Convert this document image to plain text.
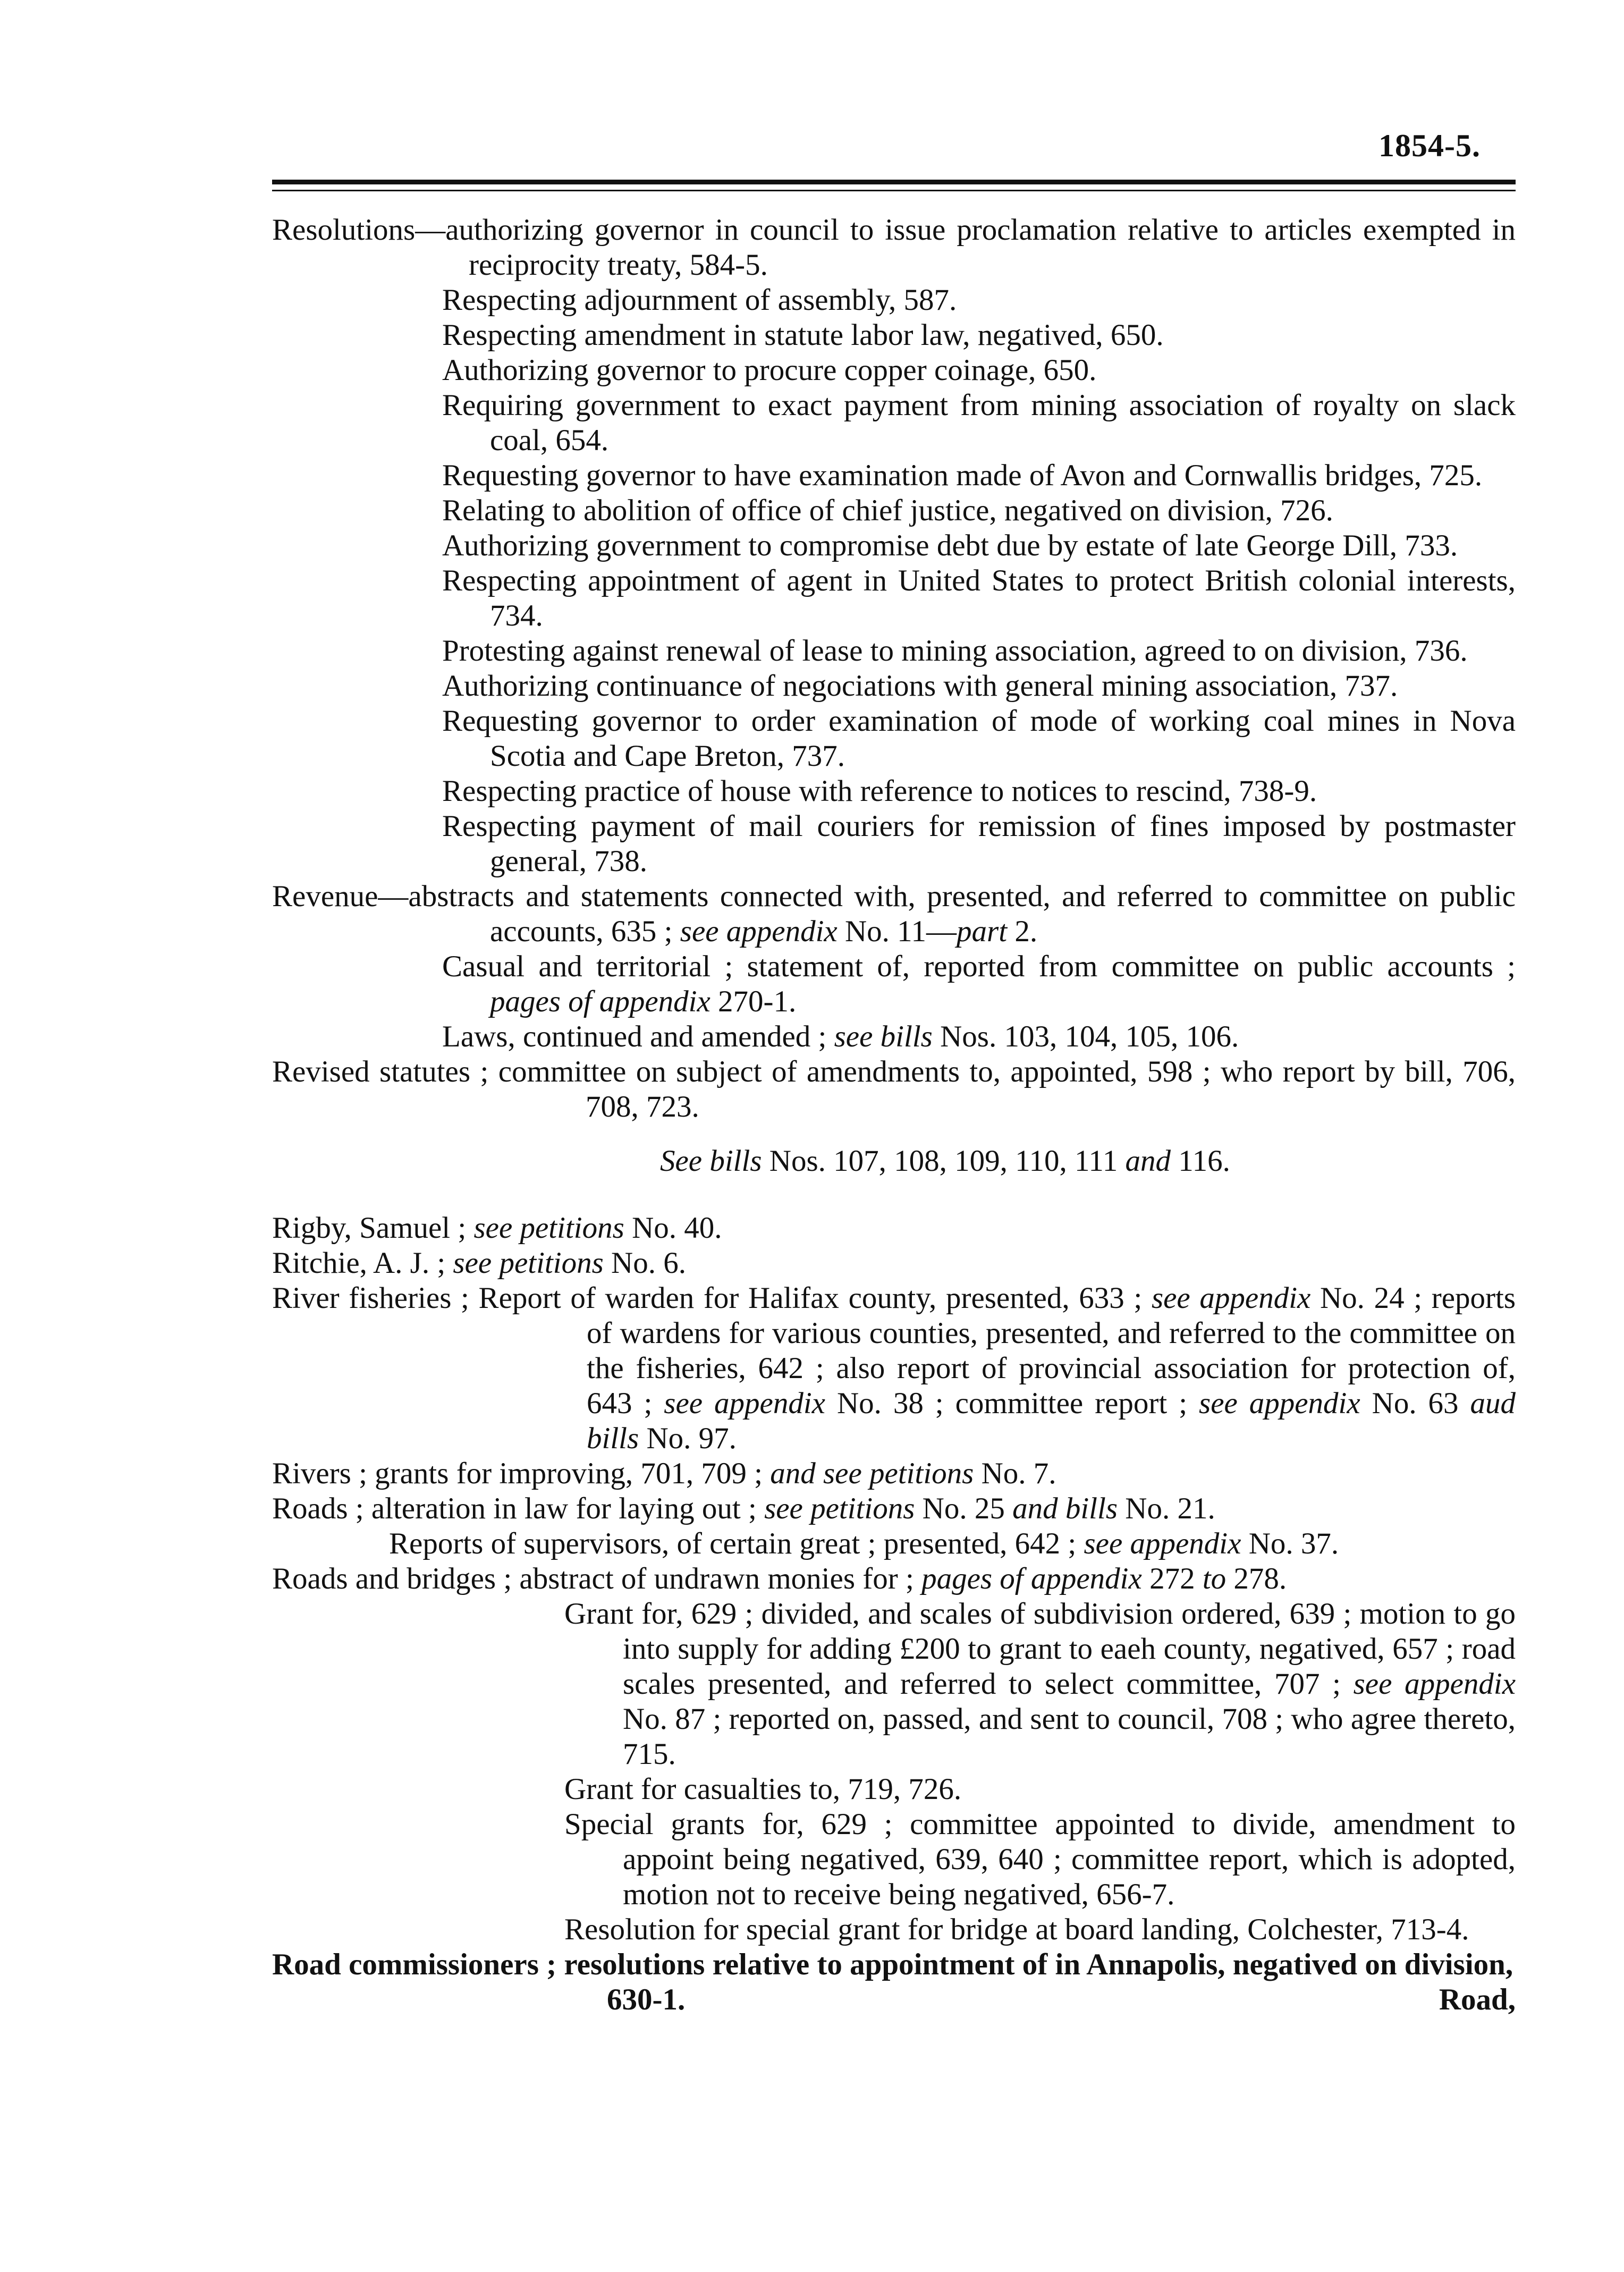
1854-5.
Resolutions—authorizing governor in council to issue proclamation relative to articles exempted in reciprocity treaty, 584-5.
Respecting adjournment of assembly, 587.
Respecting amendment in statute labor law, negatived, 650.
Authorizing governor to procure copper coinage, 650.
Requiring government to exact payment from mining association of royalty on slack coal, 654.
Requesting governor to have examination made of Avon and Cornwallis bridges, 725.
Relating to abolition of office of chief justice, negatived on division, 726.
Authorizing government to compromise debt due by estate of late George Dill, 733.
Respecting appointment of agent in United States to protect British colonial interests, 734.
Protesting against renewal of lease to mining association, agreed to on division, 736.
Authorizing continuance of negociations with general mining association, 737.
Requesting governor to order examination of mode of working coal mines in Nova Scotia and Cape Breton, 737.
Respecting practice of house with reference to notices to rescind, 738-9.
Respecting payment of mail couriers for remission of fines imposed by postmaster general, 738.
Revenue—abstracts and statements connected with, presented, and referred to committee on public accounts, 635 ; see appendix No. 11—part 2.
Casual and territorial ; statement of, reported from committee on public accounts ; pages of appendix 270-1.
Laws, continued and amended ; see bills Nos. 103, 104, 105, 106.
Revised statutes ; committee on subject of amendments to, appointed, 598 ; who report by bill, 706, 708, 723.
See bills Nos. 107, 108, 109, 110, 111 and 116.
Rigby, Samuel ; see petitions No. 40.
Ritchie, A. J. ; see petitions No. 6.
River fisheries ; Report of warden for Halifax county, presented, 633 ; see appendix No. 24 ; reports of wardens for various counties, presented, and referred to the committee on the fisheries, 642 ; also report of provincial association for protection of, 643 ; see appendix No. 38 ; committee report ; see appendix No. 63 aud bills No. 97.
Rivers ; grants for improving, 701, 709 ; and see petitions No. 7.
Roads ; alteration in law for laying out ; see petitions No. 25 and bills No. 21.
Reports of supervisors, of certain great ; presented, 642 ; see appendix No. 37.
Roads and bridges ; abstract of undrawn monies for ; pages of appendix 272 to 278.
Grant for, 629 ; divided, and scales of subdivision ordered, 639 ; motion to go into supply for adding £200 to grant to eaeh county, negatived, 657 ; road scales presented, and referred to select committee, 707 ; see appendix No. 87 ; reported on, passed, and sent to council, 708 ; who agree thereto, 715.
Grant for casualties to, 719, 726.
Special grants for, 629 ; committee appointed to divide, amendment to appoint being negatived, 639, 640 ; committee report, which is adopted, motion not to receive being negatived, 656-7.
Resolution for special grant for bridge at board landing, Colchester, 713-4.
Road commissioners ; resolutions relative to appointment of in Annapolis, negatived on division, 630-1.	Road,
